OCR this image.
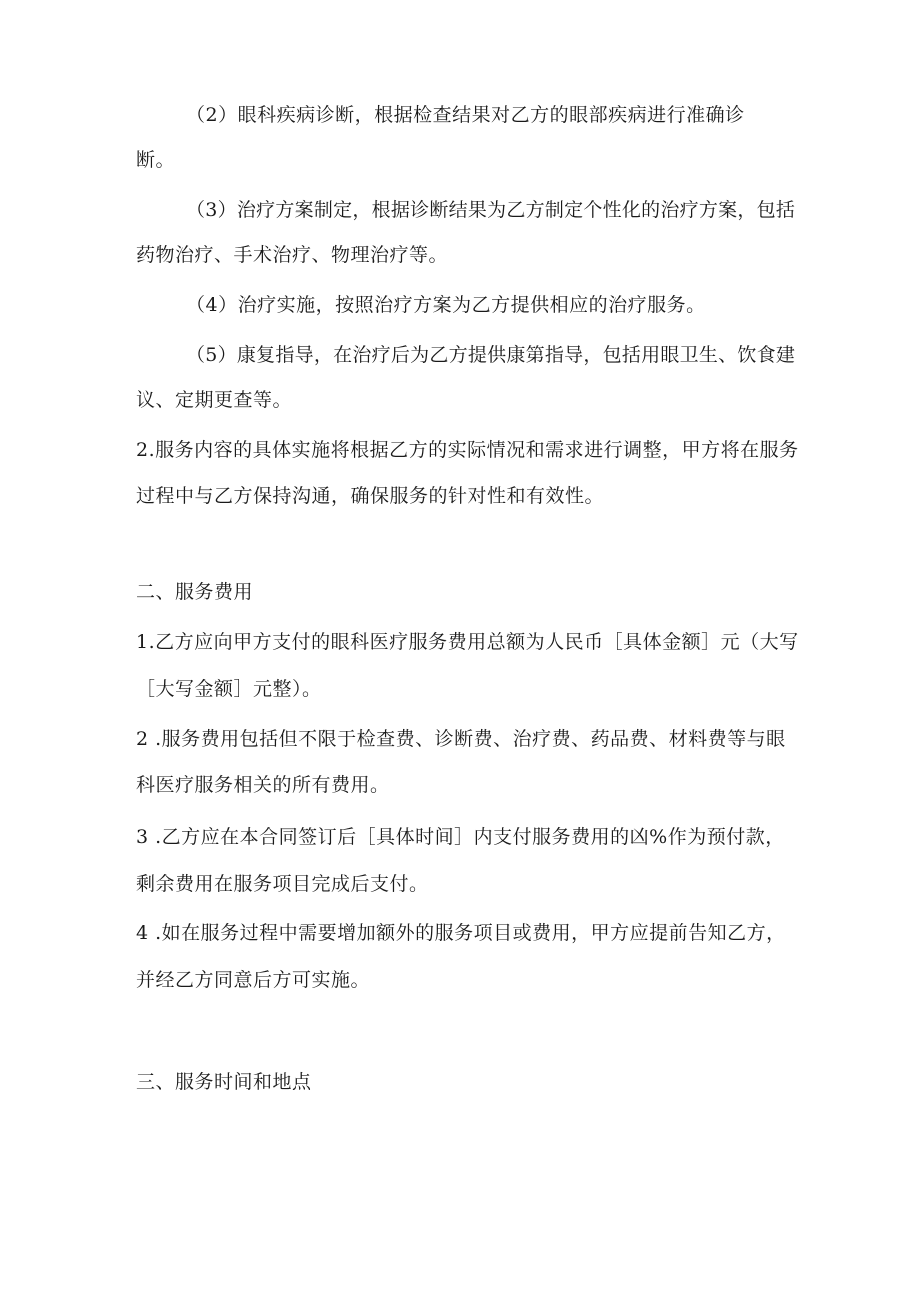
（2）眼科疾病诊断，根据检查结果对乙方的眼部疾病进行准确诊
断。
（3）治疗方案制定，根据诊断结果为乙方制定个性化的治疗方案，包括
药物治疗、手术治疗、物理治疗等。
（4）治疗实施，按照治疗方案为乙方提供相应的治疗服务。
（5）康复指导，在治疗后为乙方提供康第指导，包括用眼卫生、饮食建
议、定期更查等。
2.服务内容的具体实施将根据乙方的实际情况和需求进行调整，甲方将在服务
过程中与乙方保持沟通，确保服务的针对性和有效性。
二、服务费用
1.乙方应向甲方支付的眼科医疗服务费用总额为人民币［具体金额］元（大写
［大写金额］元整）。
2 .服务费用包括但不限于检查费、诊断费、治疗费、药品费、材料费等与眼
科医疗服务相关的所有费用。
3 .乙方应在本合同签订后［具体时间］内支付服务费用的凶%作为预付款，
剩余费用在服务项目完成后支付。
4 .如在服务过程中需要增加额外的服务项目或费用，甲方应提前告知乙方，
并经乙方同意后方可实施。
三、服务时间和地点
